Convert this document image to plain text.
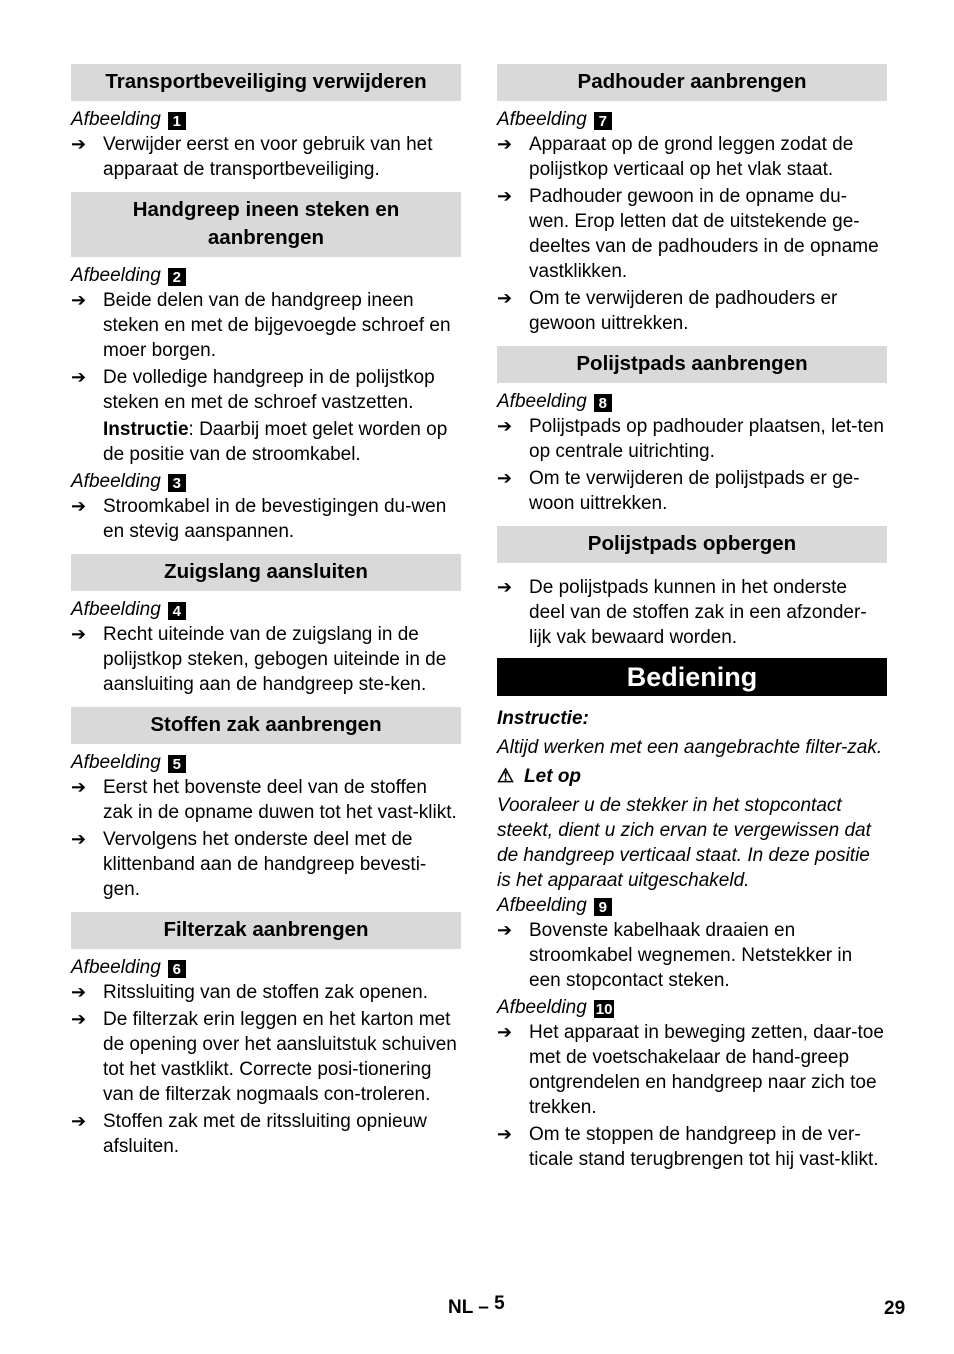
Transportbeveiliging verwijderen
Afbeelding 1
➔ Verwijder eerst en voor gebruik van het apparaat de transportbeveiliging.
Handgreep ineen steken en aanbrengen
Afbeelding 2
➔ Beide delen van de handgreep ineen steken en met de bijgevoegde schroef en moer borgen.
➔ De volledige handgreep in de polijstkop steken en met de schroef vastzetten.
Instructie: Daarbij moet gelet worden op de positie van de stroomkabel.
Afbeelding 3
➔ Stroomkabel in de bevestigingen du-wen en stevig aanspannen.
Zuigslang aansluiten
Afbeelding 4
➔ Recht uiteinde van de zuigslang in de polijstkop steken, gebogen uiteinde in de aansluiting aan de handgreep ste-ken.
Stoffen zak aanbrengen
Afbeelding 5
➔ Eerst het bovenste deel van de stoffen zak in de opname duwen tot het vast-klikt.
➔ Vervolgens het onderste deel met de klittenband aan de handgreep bevesti-gen.
Filterzak aanbrengen
Afbeelding 6
➔ Ritssluiting van de stoffen zak openen.
➔ De filterzak erin leggen en het karton met de opening over het aansluitstuk schuiven tot het vastklikt. Correcte posi-tionering van de filterzak nogmaals con-troleren.
➔ Stoffen zak met de ritssluiting opnieuw afsluiten.
Padhouder aanbrengen
Afbeelding 7
➔ Apparaat op de grond leggen zodat de polijstkop verticaal op het vlak staat.
➔ Padhouder gewoon in de opname du-wen. Erop letten dat de uitstekende ge-deeltes van de padhouders in de opname vastklikken.
➔ Om te verwijderen de padhouders er gewoon uittrekken.
Polijstpads aanbrengen
Afbeelding 8
➔ Polijstpads op padhouder plaatsen, let-ten op centrale uitrichting.
➔ Om te verwijderen de polijstpads er ge-woon uittrekken.
Polijstpads opbergen
➔ De polijstpads kunnen in het onderste deel van de stoffen zak in een afzonder-lijk vak bewaard worden.
Bediening
Instructie:
Altijd werken met een aangebrachte filter-zak.
⚠ Let op
Vooraleer u de stekker in het stopcontact steekt, dient u zich ervan te vergewissen dat de handgreep verticaal staat. In deze positie is het apparaat uitgeschakeld.
Afbeelding 9
➔ Bovenste kabelhaak draaien en stroomkabel wegnemen. Netstekker in een stopcontact steken.
Afbeelding 10
➔ Het apparaat in beweging zetten, daar-toe met de voetschakelaar de hand-greep ontgrendelen en handgreep naar zich toe trekken.
➔ Om te stoppen de handgreep in de ver-ticale stand terugbrengen tot hij vast-klikt.
NL – 5	29
